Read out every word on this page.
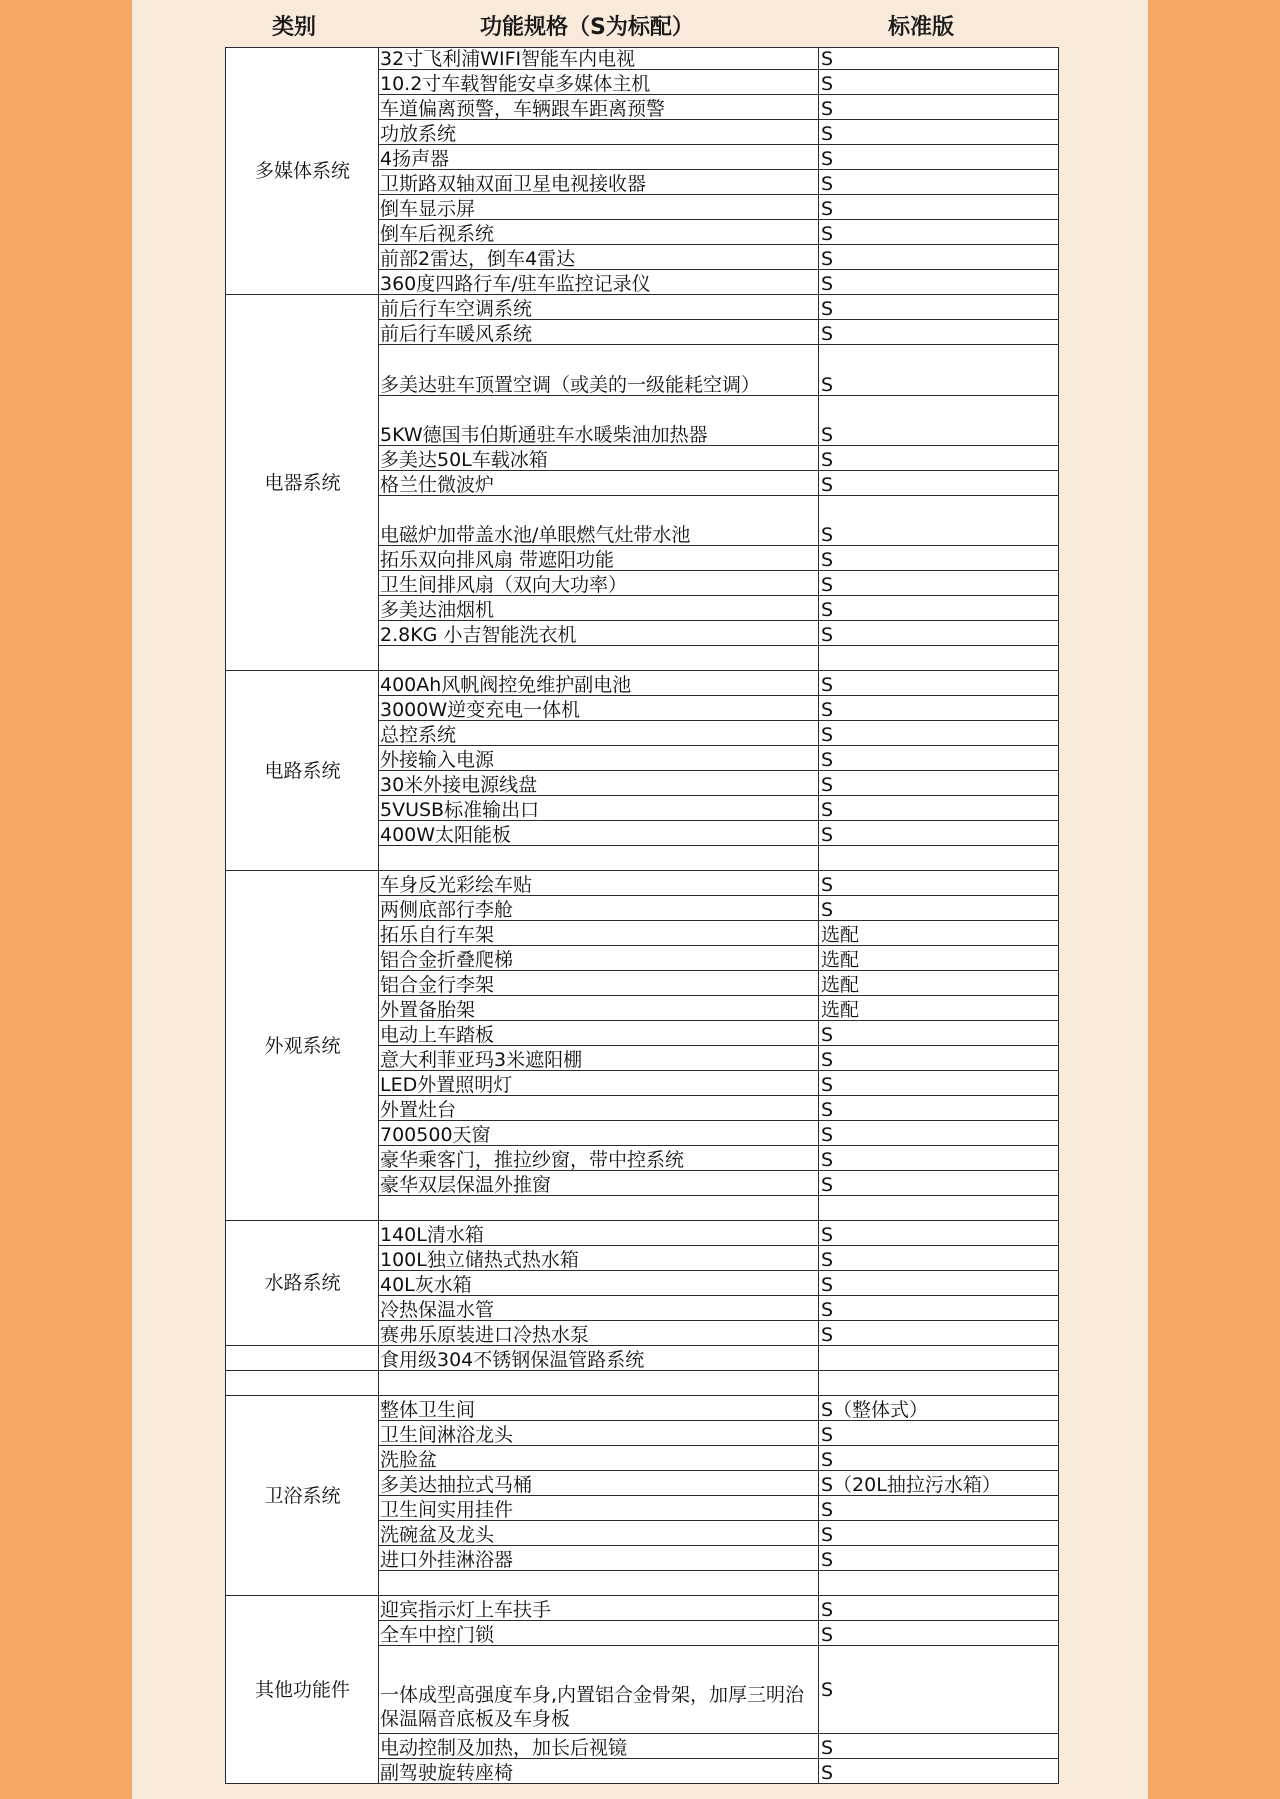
类别	功能规格（S为标配）	标准版
多媒体系统	32寸飞利浦WIFI智能车内电视	S
	10.2寸车载智能安卓多媒体主机	S
	车道偏离预警，车辆跟车距离预警	S
	功放系统	S
	4扬声器	S
	卫斯路双轴双面卫星电视接收器	S
	倒车显示屏	S
	倒车后视系统	S
	前部2雷达，倒车4雷达	S
	360度四路行车/驻车监控记录仪	S
电器系统	前后行车空调系统	S
	前后行车暖风系统	S
	多美达驻车顶置空调（或美的一级能耗空调）	S
	5KW德国韦伯斯通驻车水暖柴油加热器	S
	多美达50L车载冰箱	S
	格兰仕微波炉	S
	电磁炉加带盖水池/单眼燃气灶带水池	S
	拓乐双向排风扇 带遮阳功能	S
	卫生间排风扇（双向大功率）	S
	多美达油烟机	S
	2.8KG 小吉智能洗衣机	S

电路系统	400Ah风帆阀控免维护副电池	S
	3000W逆变充电一体机	S
	总控系统	S
	外接输入电源	S
	30米外接电源线盘	S
	5VUSB标准输出口	S
	400W太阳能板	S

外观系统	车身反光彩绘车贴	S
	两侧底部行李舱	S
	拓乐自行车架	选配
	铝合金折叠爬梯	选配
	铝合金行李架	选配
	外置备胎架	选配
	电动上车踏板	S
	意大利菲亚玛3米遮阳棚	S
	LED外置照明灯	S
	外置灶台	S
	700500天窗	S
	豪华乘客门，推拉纱窗，带中控系统	S
	豪华双层保温外推窗	S

水路系统	140L清水箱	S
	100L独立储热式热水箱	S
	40L灰水箱	S
	冷热保温水管	S
	赛弗乐原装进口冷热水泵	S
	食用级304不锈钢保温管路系统	

卫浴系统	整体卫生间	S（整体式）
	卫生间淋浴龙头	S
	洗脸盆	S
	多美达抽拉式马桶	S（20L抽拉污水箱）
	卫生间实用挂件	S
	洗碗盆及龙头	S
	进口外挂淋浴器	S

其他功能件	迎宾指示灯上车扶手	S
	全车中控门锁	S
	一体成型高强度车身,内置铝合金骨架，加厚三明治保温隔音底板及车身板	S
	电动控制及加热，加长后视镜	S
	副驾驶旋转座椅	S
